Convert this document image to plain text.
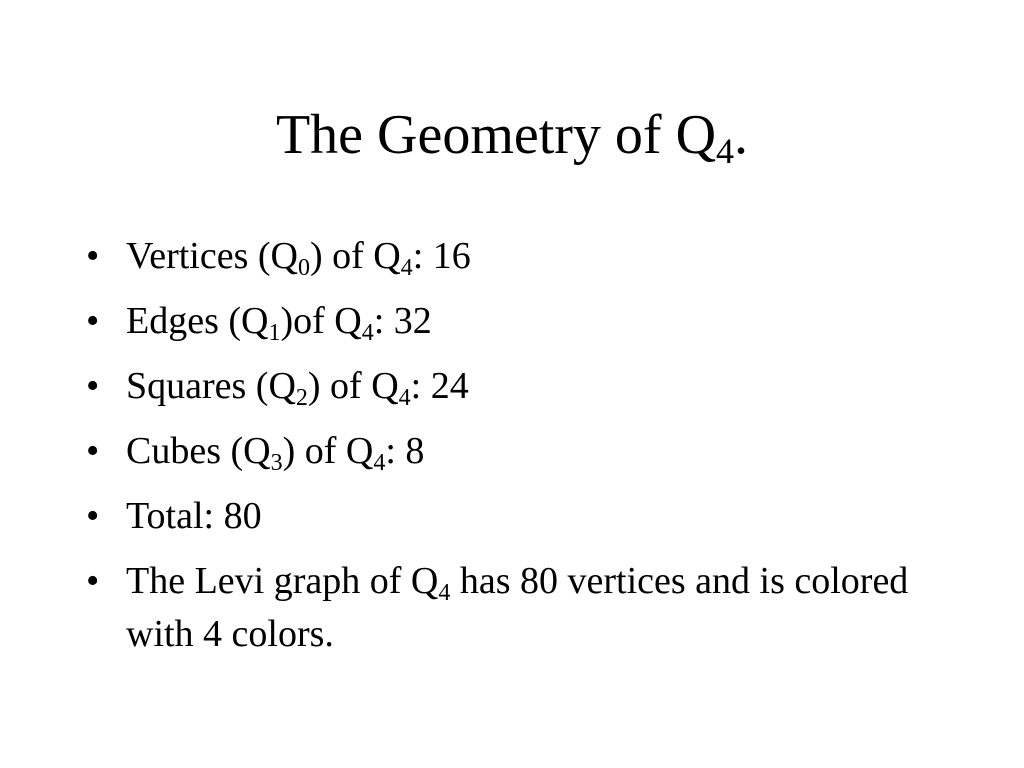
The Geometry of $Q_4$.
• Vertices $(Q_0)$ of $Q_4$: 16
• Edges $(Q_1)of$ $Q_4$: 32
• Squares $(Q_2)$ of $Q_4$: 24
• Cubes $(Q_3)$ of $Q_4$: 8
• Total: 80
• The Levi graph of $Q_4$ has 80 vertices and is colored with 4 colors.
